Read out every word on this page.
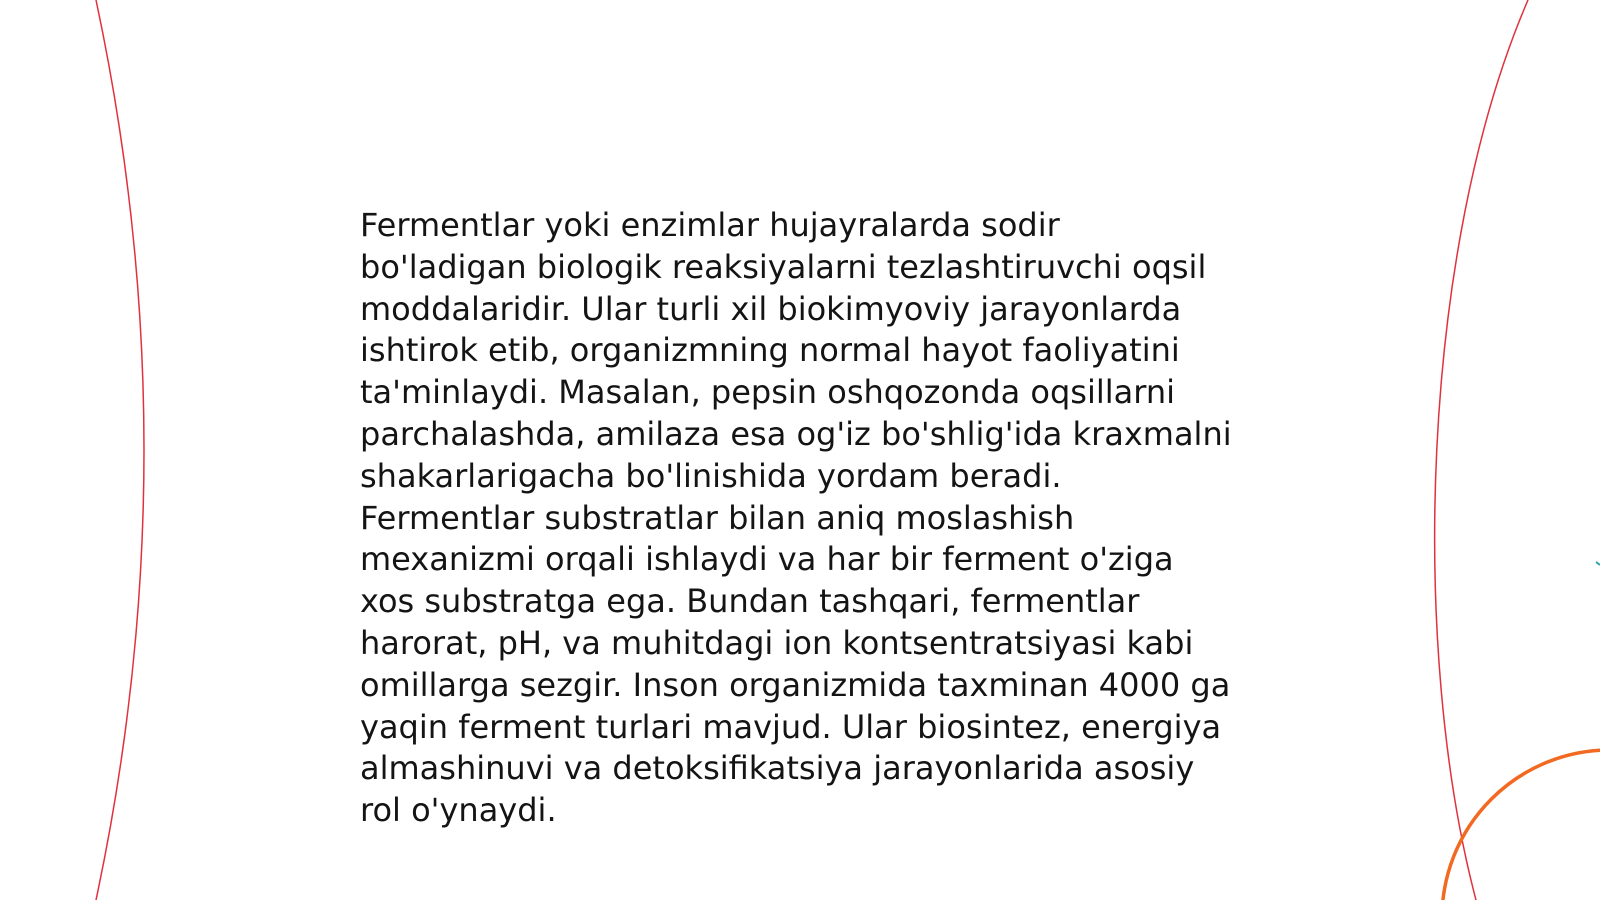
Fermentlar yoki enzimlar hujayralarda sodir
bo'ladigan biologik reaksiyalarni tezlashtiruvchi oqsil
moddalaridir. Ular turli xil biokimyoviy jarayonlarda
ishtirok etib, organizmning normal hayot faoliyatini
ta'minlaydi. Masalan, pepsin oshqozonda oqsillarni
parchalashda, amilaza esa og'iz bo'shlig'ida kraxmalni
shakarlarigacha bo'linishida yordam beradi.
Fermentlar substratlar bilan aniq moslashish
mexanizmi orqali ishlaydi va har bir ferment o'ziga
xos substratga ega. Bundan tashqari, fermentlar
harorat, pH, va muhitdagi ion kontsentratsiyasi kabi
omillarga sezgir. Inson organizmida taxminan 4000 ga
yaqin ferment turlari mavjud. Ular biosintez, energiya
almashinuvi va detoksifikatsiya jarayonlarida asosiy
rol o'ynaydi.
